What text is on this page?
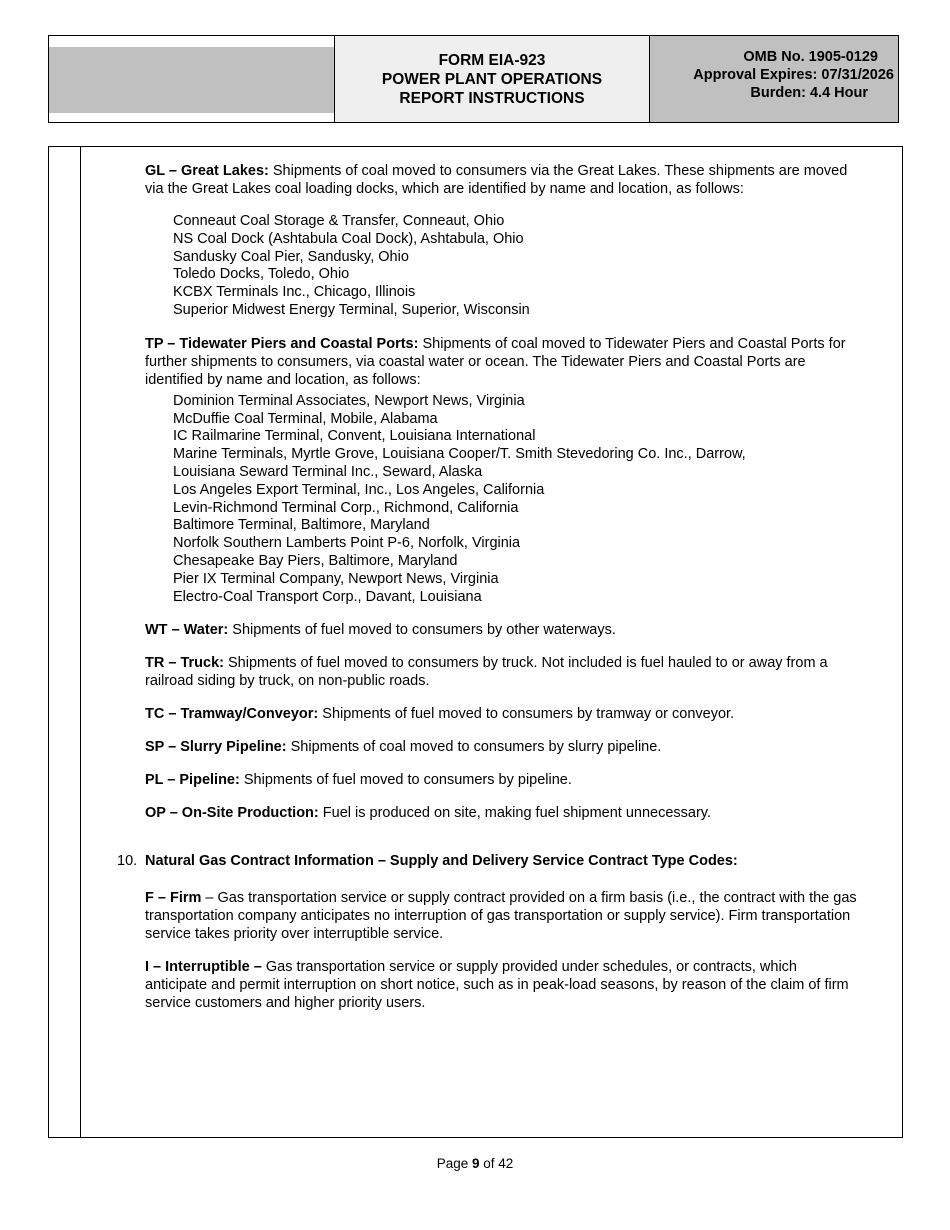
FORM EIA-923
POWER PLANT OPERATIONS
REPORT INSTRUCTIONS
OMB No. 1905-0129
Approval Expires: 07/31/2026
Burden: 4.4 Hour

GL – Great Lakes: Shipments of coal moved to consumers via the Great Lakes. These shipments are moved via the Great Lakes coal loading docks, which are identified by name and location, as follows:

Conneaut Coal Storage & Transfer, Conneaut, Ohio
NS Coal Dock (Ashtabula Coal Dock), Ashtabula, Ohio
Sandusky Coal Pier, Sandusky, Ohio
Toledo Docks, Toledo, Ohio
KCBX Terminals Inc., Chicago, Illinois
Superior Midwest Energy Terminal, Superior, Wisconsin

TP – Tidewater Piers and Coastal Ports: Shipments of coal moved to Tidewater Piers and Coastal Ports for further shipments to consumers, via coastal water or ocean. The Tidewater Piers and Coastal Ports are identified by name and location, as follows:

Dominion Terminal Associates, Newport News, Virginia
McDuffie Coal Terminal, Mobile, Alabama
IC Railmarine Terminal, Convent, Louisiana International
Marine Terminals, Myrtle Grove, Louisiana Cooper/T. Smith Stevedoring Co. Inc., Darrow,
Louisiana Seward Terminal Inc., Seward, Alaska
Los Angeles Export Terminal, Inc., Los Angeles, California
Levin-Richmond Terminal Corp., Richmond, California
Baltimore Terminal, Baltimore, Maryland
Norfolk Southern Lamberts Point P-6, Norfolk, Virginia
Chesapeake Bay Piers, Baltimore, Maryland
Pier IX Terminal Company, Newport News, Virginia
Electro-Coal Transport Corp., Davant, Louisiana

WT – Water: Shipments of fuel moved to consumers by other waterways.

TR – Truck: Shipments of fuel moved to consumers by truck. Not included is fuel hauled to or away from a railroad siding by truck, on non-public roads.

TC – Tramway/Conveyor: Shipments of fuel moved to consumers by tramway or conveyor.

SP – Slurry Pipeline: Shipments of coal moved to consumers by slurry pipeline.

PL – Pipeline: Shipments of fuel moved to consumers by pipeline.

OP – On-Site Production: Fuel is produced on site, making fuel shipment unnecessary.

10. Natural Gas Contract Information – Supply and Delivery Service Contract Type Codes:

F – Firm – Gas transportation service or supply contract provided on a firm basis (i.e., the contract with the gas transportation company anticipates no interruption of gas transportation or supply service). Firm transportation service takes priority over interruptible service.

I – Interruptible – Gas transportation service or supply provided under schedules, or contracts, which anticipate and permit interruption on short notice, such as in peak-load seasons, by reason of the claim of firm service customers and higher priority users.

Page 9 of 42
